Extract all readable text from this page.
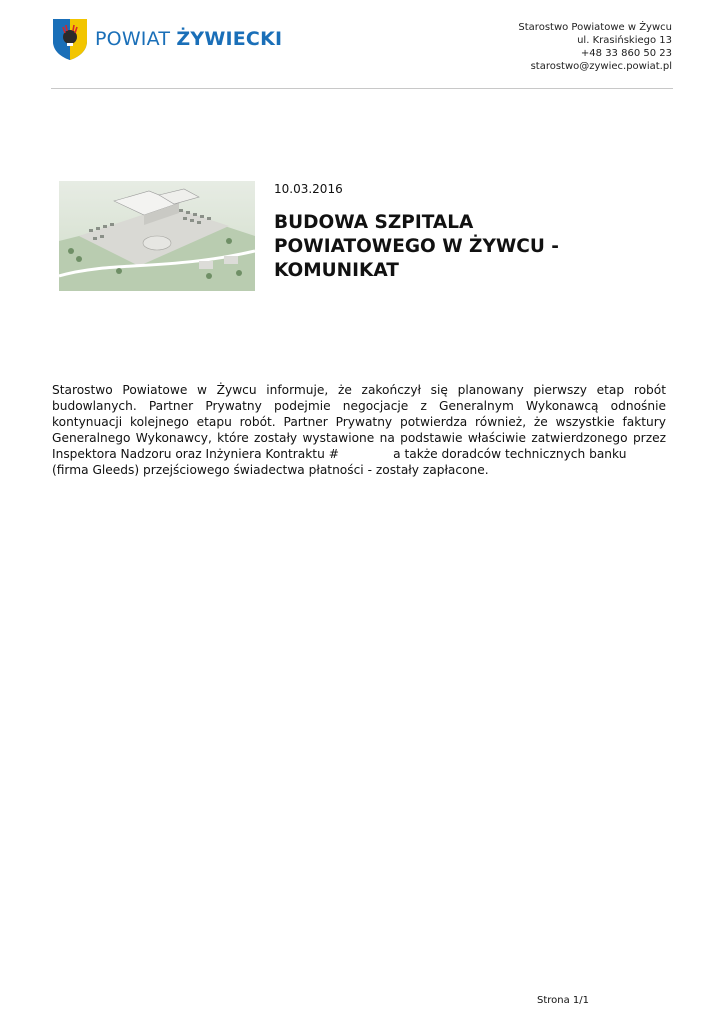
POWIAT ŻYWIECKI
Starostwo Powiatowe w Żywcu
ul. Krasińskiego 13
+48 33 860 50 23
starostwo@zywiec.powiat.pl
10.03.2016
BUDOWA SZPITALA POWIATOWEGO W ŻYWCU - KOMUNIKAT
Starostwo Powiatowe w Żywcu informuje, że zakończył się planowany pierwszy etap robót budowlanych. Partner Prywatny podejmie negocjacje z Generalnym Wykonawcą odnośnie kontynuacji kolejnego etapu robót. Partner Prywatny potwierdza również, że wszystkie faktury Generalnego Wykonawcy, które zostały wystawione na podstawie właściwie zatwierdzonego przez Inspektora Nadzoru oraz Inżyniera Kontraktu #              a także doradców technicznych banku
(firma Gleeds) przejściowego świadectwa płatności - zostały zapłacone.
Strona 1/1
